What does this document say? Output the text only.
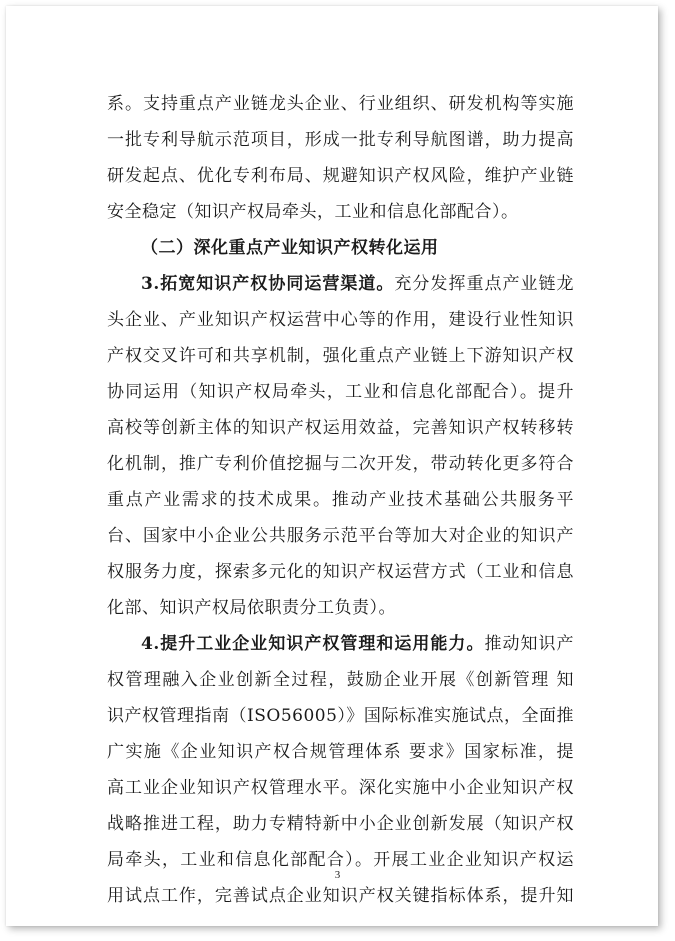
系。支持重点产业链龙头企业、行业组织、研发机构等实施
一批专利导航示范项目，形成一批专利导航图谱，助力提高
研发起点、优化专利布局、规避知识产权风险，维护产业链
安全稳定（知识产权局牵头，工业和信息化部配合）。
（二）深化重点产业知识产权转化运用
3.拓宽知识产权协同运营渠道。充分发挥重点产业链龙
头企业、产业知识产权运营中心等的作用，建设行业性知识
产权交叉许可和共享机制，强化重点产业链上下游知识产权
协同运用（知识产权局牵头，工业和信息化部配合）。提升
高校等创新主体的知识产权运用效益，完善知识产权转移转
化机制，推广专利价值挖掘与二次开发，带动转化更多符合
重点产业需求的技术成果。推动产业技术基础公共服务平
台、国家中小企业公共服务示范平台等加大对企业的知识产
权服务力度，探索多元化的知识产权运营方式（工业和信息
化部、知识产权局依职责分工负责）。
4.提升工业企业知识产权管理和运用能力。推动知识产
权管理融入企业创新全过程，鼓励企业开展《创新管理 知
识产权管理指南（ISO56005）》国际标准实施试点，全面推
广实施《企业知识产权合规管理体系 要求》国家标准，提
高工业企业知识产权管理水平。深化实施中小企业知识产权
战略推进工程，助力专精特新中小企业创新发展（知识产权
局牵头，工业和信息化部配合）。开展工业企业知识产权运
用试点工作，完善试点企业知识产权关键指标体系，提升知
3
